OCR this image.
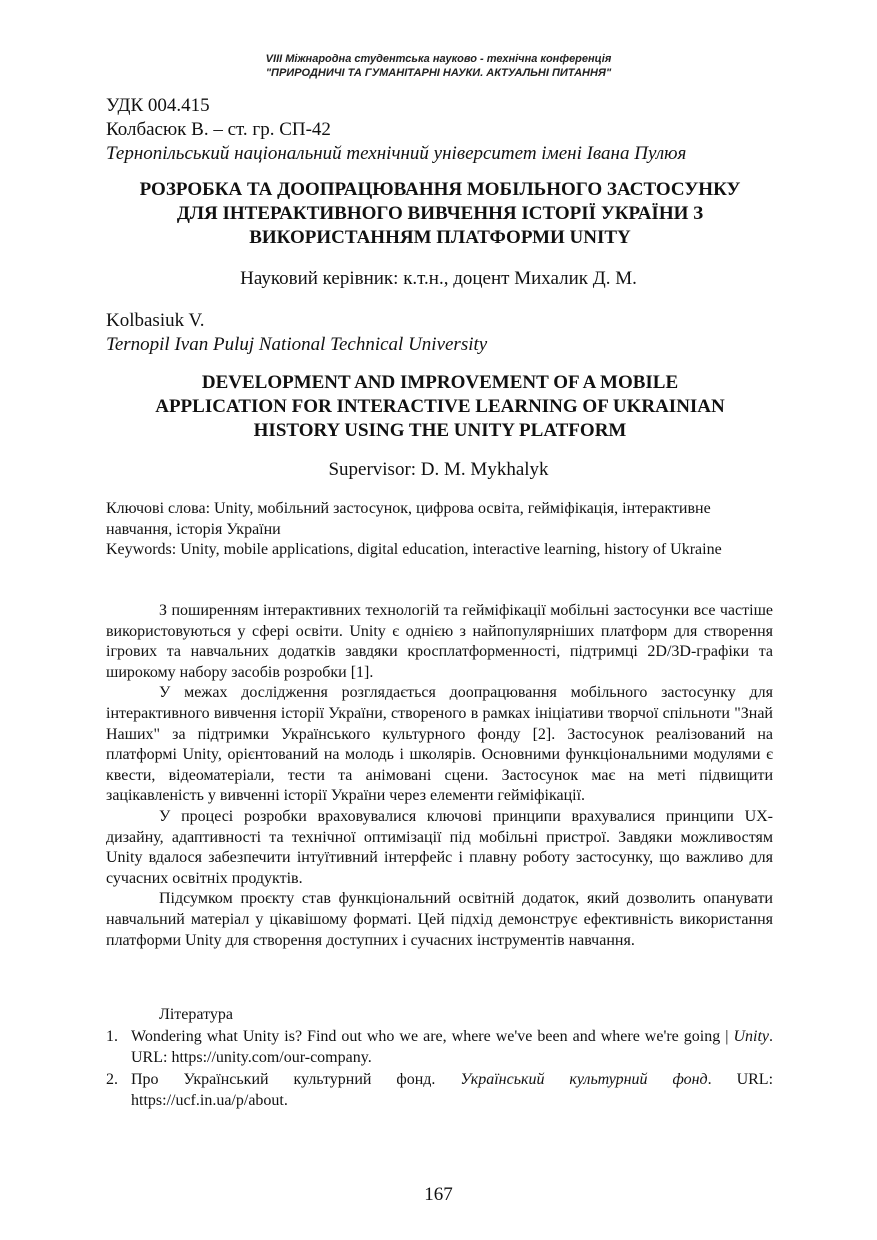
VIII Міжнародна студентська науково - технічна конференція
"ПРИРОДНИЧІ ТА ГУМАНІТАРНІ НАУКИ. АКТУАЛЬНІ ПИТАННЯ"
УДК 004.415
Колбасюк В. – ст. гр. СП-42
Тернопільський національний технічний університет імені Івана Пулюя
РОЗРОБКА ТА ДООПРАЦЮВАННЯ МОБІЛЬНОГО ЗАСТОСУНКУ
ДЛЯ ІНТЕРАКТИВНОГО ВИВЧЕННЯ ІСТОРІЇ УКРАЇНИ З
ВИКОРИСТАННЯМ ПЛАТФОРМИ UNITY
Науковий керівник: к.т.н., доцент Михалик Д. М.
Kolbasiuk V.
Ternopil Ivan Puluj National Technical University
DEVELOPMENT AND IMPROVEMENT OF A MOBILE
APPLICATION FOR INTERACTIVE LEARNING OF UKRAINIAN
HISTORY USING THE UNITY PLATFORM
Supervisor: D. M. Mykhalyk
Ключові слова: Unity, мобільний застосунок, цифрова освіта, гейміфікація, інтерактивне навчання, історія України
Keywords: Unity, mobile applications, digital education, interactive learning, history of Ukraine

З поширенням інтерактивних технологій та гейміфікації мобільні застосунки все частіше використовуються у сфері освіти. Unity є однією з найпопулярніших платформ для створення ігрових та навчальних додатків завдяки кросплатформенності, підтримці 2D/3D-графіки та широкому набору засобів розробки [1].

У межах дослідження розглядається доопрацювання мобільного застосунку для інтерактивного вивчення історії України, створеного в рамках ініціативи творчої спільноти "Знай Наших" за підтримки Українського культурного фонду [2]. Застосунок реалізований на платформі Unity, орієнтований на молодь і школярів. Основними функціональними модулями є квести, відеоматеріали, тести та анімовані сцени. Застосунок має на меті підвищити зацікавленість у вивченні історії України через елементи гейміфікації.

У процесі розробки враховувалися ключові принципи врахувалися принципи UX-дизайну, адаптивності та технічної оптимізації під мобільні пристрої. Завдяки можливостям Unity вдалося забезпечити інтуїтивний інтерфейс і плавну роботу застосунку, що важливо для сучасних освітніх продуктів.

Підсумком проєкту став функціональний освітній додаток, який дозволить опанувати навчальний матеріал у цікавішому форматі. Цей підхід демонструє ефективність використання платформи Unity для створення доступних і сучасних інструментів навчання.

Література
1. Wondering what Unity is? Find out who we are, where we've been and where we're going | Unity. URL: https://unity.com/our-company.
2. Про Український культурний фонд. Український культурний фонд. URL: https://ucf.in.ua/p/about.
167
